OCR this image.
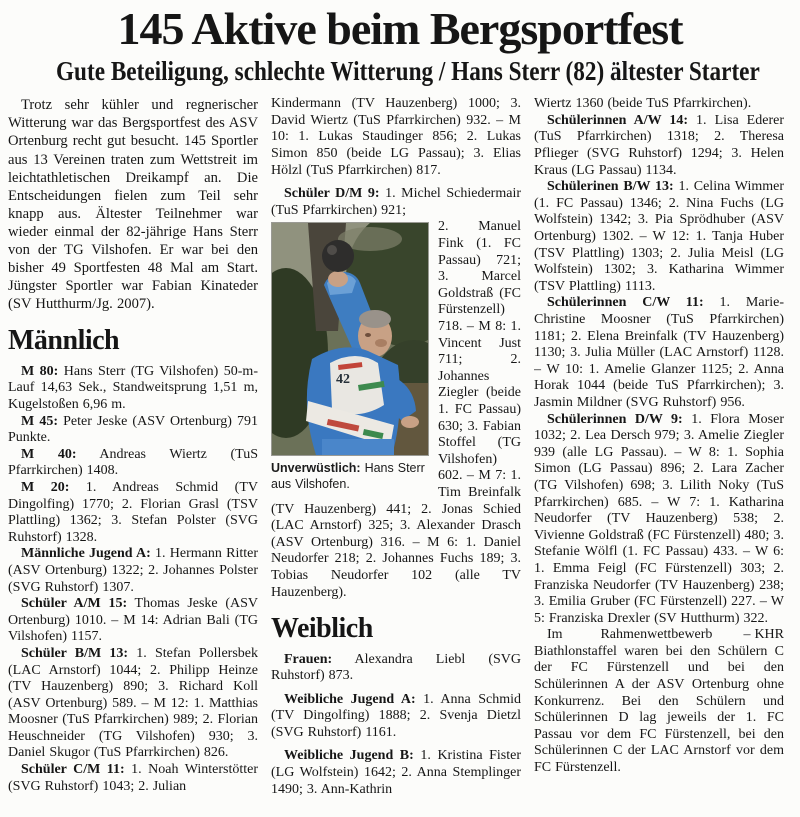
145 Aktive beim Bergsportfest
Gute Beteiligung, schlechte Witterung / Hans Sterr (82) ältester Starter

Trotz sehr kühler und regnerischer Witterung war das Bergsportfest des ASV Ortenburg recht gut besucht. 145 Sportler aus 13 Vereinen traten zum Wettstreit im leichtathletischen Dreikampf an. Die Entscheidungen fielen zum Teil sehr knapp aus. Ältester Teilnehmer war wieder einmal der 82-jährige Hans Sterr von der TG Vilshofen. Er war bei den bisher 49 Sportfesten 48 Mal am Start. Jüngster Sportler war Fabian Kinateder (SV Hutthurm/Jg. 2007).

Männlich

M 80: Hans Sterr (TG Vilshofen) 50-m-Lauf 14,63 Sek., Standweitsprung 1,51 m, Kugelstoßen 6,96 m.

M 45: Peter Jeske (ASV Ortenburg) 791 Punkte.

M 40: Andreas Wiertz (TuS Pfarrkirchen) 1408.

M 20: 1. Andreas Schmid (TV Dingolfing) 1770; 2. Florian Grasl (TSV Plattling) 1362; 3. Stefan Polster (SVG Ruhstorf) 1328.

Männliche Jugend A: 1. Hermann Ritter (ASV Ortenburg) 1322; 2. Johannes Polster (SVG Ruhstorf) 1307.

Schüler A/M 15: Thomas Jeske (ASV Ortenburg) 1010. – M 14: Adrian Bali (TG Vilshofen) 1157.

Schüler B/M 13: 1. Stefan Pollersbek (LAC Arnstorf) 1044; 2. Philipp Heinze (TV Hauzenberg) 890; 3. Richard Koll (ASV Ortenburg) 589. – M 12: 1. Matthias Moosner (TuS Pfarrkirchen) 989; 2. Florian Heuschneider (TG Vilshofen) 930; 3. Daniel Skugor (TuS Pfarrkirchen) 826.

Schüler C/M 11: 1. Noah Winterstötter (SVG Ruhstorf) 1043; 2. Julian

Kindermann (TV Hauzenberg) 1000; 3. David Wiertz (TuS Pfarrkirchen) 932. – M 10: 1. Lukas Staudinger 856; 2. Lukas Simon 850 (beide LG Passau); 3. Elias Hölzl (TuS Pfarrkirchen) 817.

Schüler D/M 9: 1. Michel Schiedermair (TuS Pfarrkirchen) 921;

42

Unverwüstlich: Hans Sterr aus Vilshofen.

2. Manuel Fink (1. FC Passau) 721; 3. Marcel Goldstraß (FC Fürstenzell) 718. – M 8: 1. Vincent Just 711; 2. Johannes Ziegler (beide 1. FC Passau) 630; 3. Fabian Stoffel (TG Vilshofen) 602. – M 7: 1. Tim Breinfalk (TV Hauzenberg) 441; 2. Jonas Schied (LAC Arnstorf) 325; 3. Alexander Drasch (ASV Ortenburg) 316. – M 6: 1. Daniel Neudorfer 218; 2. Johannes Fuchs 189; 3. Tobias Neudorfer 102 (alle TV Hauzenberg).

Weiblich

Frauen: Alexandra Liebl (SVG Ruhstorf) 873.

Weibliche Jugend A: 1. Anna Schmid (TV Dingolfing) 1888; 2. Svenja Dietzl (SVG Ruhstorf) 1161.

Weibliche Jugend B: 1. Kristina Fister (LG Wolfstein) 1642; 2. Anna Stemplinger 1490; 3. Ann-Kathrin

Wiertz 1360 (beide TuS Pfarrkirchen).

Schülerinnen A/W 14: 1. Lisa Ederer (TuS Pfarrkirchen) 1318; 2. Theresa Pflieger (SVG Ruhstorf) 1294; 3. Helen Kraus (LG Passau) 1134.

Schülerinen B/W 13: 1. Celina Wimmer (1. FC Passau) 1346; 2. Nina Fuchs (LG Wolfstein) 1342; 3. Pia Sprödhuber (ASV Ortenburg) 1302. – W 12: 1. Tanja Huber (TSV Plattling) 1303; 2. Julia Meisl (LG Wolfstein) 1302; 3. Katharina Wimmer (TSV Plattling) 1113.

Schülerinnen C/W 11: 1. Marie-Christine Moosner (TuS Pfarrkirchen) 1181; 2. Elena Breinfalk (TV Hauzenberg) 1130; 3. Julia Müller (LAC Arnstorf) 1128. – W 10: 1. Amelie Glanzer 1125; 2. Anna Horak 1044 (beide TuS Pfarrkirchen); 3. Jasmin Mildner (SVG Ruhstorf) 956.

Schülerinnen D/W 9: 1. Flora Moser 1032; 2. Lea Dersch 979; 3. Amelie Ziegler 939 (alle LG Passau). – W 8: 1. Sophia Simon (LG Passau) 896; 2. Lara Zacher (TG Vilshofen) 698; 3. Lilith Noky (TuS Pfarrkirchen) 685. – W 7: 1. Katharina Neudorfer (TV Hauzenberg) 538; 2. Vivienne Goldstraß (FC Fürstenzell) 480; 3. Stefanie Wölfl (1. FC Passau) 433. – W 6: 1. Emma Feigl (FC Fürstenzell) 303; 2. Franziska Neudorfer (TV Hauzenberg) 238; 3. Emilia Gruber (FC Fürstenzell) 227. – W 5: Franziska Drexler (SV Hutthurm) 322.

– KHR
Im Rahmenwettbewerb Biathlonstaffel waren bei den Schülern C der FC Fürstenzell und bei den Schülerinnen A der ASV Ortenburg ohne Konkurrenz. Bei den Schülern und Schülerinnen D lag jeweils der 1. FC Passau vor dem FC Fürstenzell, bei den Schülerinnen C der LAC Arnstorf vor dem FC Fürstenzell.
